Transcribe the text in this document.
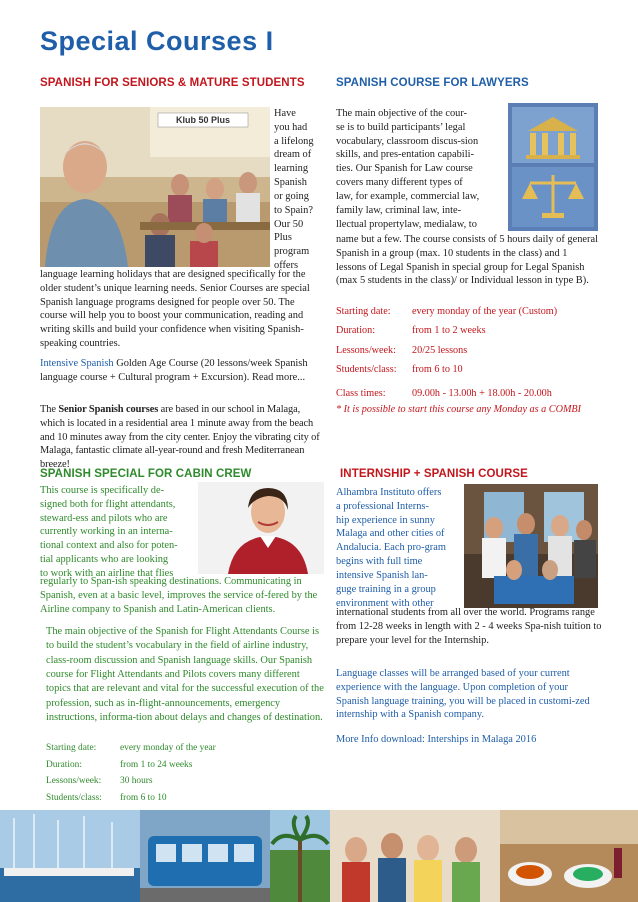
Special Courses I
SPANISH FOR SENIORS & MATURE STUDENTS
Klub 50 Plus

Have

you had

a lifelong

dream of

learning

Spanish

or going

to Spain?

Our 50

Plus

program

offers

language learning holidays that are designed specifically for the older student’s unique learning needs. Senior Courses are special Spanish language programs designed for people over 50. The course will help you to boost your communication, reading and writing skills and build your confidence when visiting Spanish-speaking countries.

Intensive Spanish Golden Age Course (20 lessons/week Spanish language course + Cultural program + Excursion). Read more...

The Senior Spanish courses are based in our school in Malaga, which is located in a residential area 1 minute away from the beach and 10 minutes away from the city center. Enjoy the vibrating city of Malaga, fantastic climate all-year-round and fresh Mediterranean breeze!

SPANISH COURSE FOR LAWYERS

The main objective of the cour-

se is to build participants’ legal

vocabulary, classroom discus-sion

skills, and pres-entation capabili-

ties. Our Spanish for Law course

covers many different types of

law, for example, commercial law,

family law, criminal law, inte-

llectual propertylaw, medialaw, to

name but a few. The course consists of 5 hours daily of general Spanish in a group (max. 10 students in the class) and 1 lessons of Legal Spanish in special group for Legal Spanish (max 5 students in the class)/ or Individual lesson in type B).

Starting date:	every monday of the year (Custom)
Duration:	from 1 to 2 weeks
Lessons/week:	20/25 lessons
Students/class:	from 6 to 10
Class times:	09.00h - 13.00h + 18.00h - 20.00h
* It is possible to start this course any Monday as a COMBI
SPANISH SPECIAL FOR CABIN CREW

This course is specifically de-

signed both for flight attendants,

steward-ess and pilots who are

currently working in an interna-

tional context and also for poten-

tial applicants who are looking

to work with an airline that flies

regularly to Span-ish speaking destinations. Communicating in Spanish, even at a basic level, improves the service of-fered by the Airline company to Spanish and Latin-American clients.

The main objective of the Spanish for Flight Attendants Course is to build the student’s vocabulary in the field of airline industry, class-room discussion and Spanish language skills. Our Spanish course for Flight Attendants and Pilots covers many different topics that are relevant and vital for the successful execution of the profession, such as in-flight-announcements, emergency instructions, informa-tion about delays and changes of destination.

Starting date:	every monday of the year
Duration:	from 1 to 24 weeks
Lessons/week:	30 hours
Students/class:	from 6 to 10
INTERNSHIP + SPANISH COURSE

Alhambra Instituto offers

a professional Interns-

hip experience in sunny

Malaga and other cities of

Andalucia. Each pro-gram

begins with full time

intensive Spanish lan-

guge training in a group

environment with other

international students from all over the world. Programs range from 12-28 weeks in length with 2 - 4 weeks Spa-nish tuition to prepare your level for the Internship.

Language classes will be arranged based of your current experience with the language. Upon completion of your Spanish language training, you will be placed in customi-zed internship with a Spanish company.

More Info download: Interships in Malaga 2016
